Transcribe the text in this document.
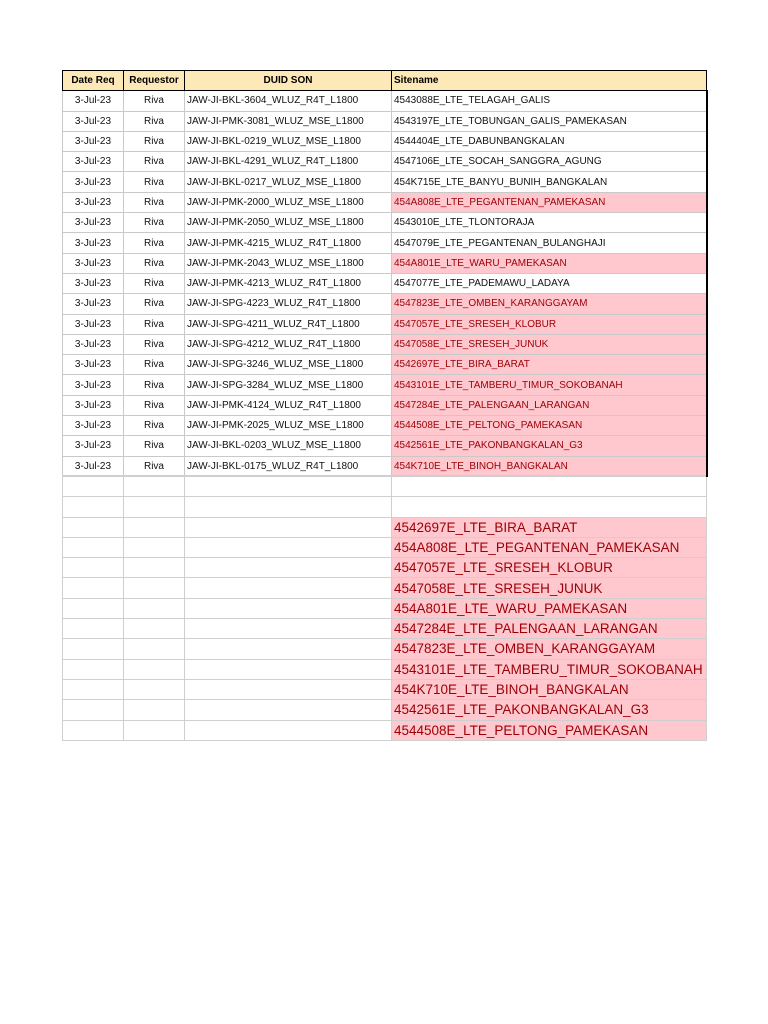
Date Req	Requestor	DUID SON	Sitename
3-Jul-23	Riva	JAW-JI-BKL-3604_WLUZ_R4T_L1800	4543088E_LTE_TELAGAH_GALIS
3-Jul-23	Riva	JAW-JI-PMK-3081_WLUZ_MSE_L1800	4543197E_LTE_TOBUNGAN_GALIS_PAMEKASAN
3-Jul-23	Riva	JAW-JI-BKL-0219_WLUZ_MSE_L1800	4544404E_LTE_DABUNBANGKALAN
3-Jul-23	Riva	JAW-JI-BKL-4291_WLUZ_R4T_L1800	4547106E_LTE_SOCAH_SANGGRA_AGUNG
3-Jul-23	Riva	JAW-JI-BKL-0217_WLUZ_MSE_L1800	454K715E_LTE_BANYU_BUNIH_BANGKALAN
3-Jul-23	Riva	JAW-JI-PMK-2000_WLUZ_MSE_L1800	454A808E_LTE_PEGANTENAN_PAMEKASAN
3-Jul-23	Riva	JAW-JI-PMK-2050_WLUZ_MSE_L1800	4543010E_LTE_TLONTORAJA
3-Jul-23	Riva	JAW-JI-PMK-4215_WLUZ_R4T_L1800	4547079E_LTE_PEGANTENAN_BULANGHAJI
3-Jul-23	Riva	JAW-JI-PMK-2043_WLUZ_MSE_L1800	454A801E_LTE_WARU_PAMEKASAN
3-Jul-23	Riva	JAW-JI-PMK-4213_WLUZ_R4T_L1800	4547077E_LTE_PADEMAWU_LADAYA
3-Jul-23	Riva	JAW-JI-SPG-4223_WLUZ_R4T_L1800	4547823E_LTE_OMBEN_KARANGGAYAM
3-Jul-23	Riva	JAW-JI-SPG-4211_WLUZ_R4T_L1800	4547057E_LTE_SRESEH_KLOBUR
3-Jul-23	Riva	JAW-JI-SPG-4212_WLUZ_R4T_L1800	4547058E_LTE_SRESEH_JUNUK
3-Jul-23	Riva	JAW-JI-SPG-3246_WLUZ_MSE_L1800	4542697E_LTE_BIRA_BARAT
3-Jul-23	Riva	JAW-JI-SPG-3284_WLUZ_MSE_L1800	4543101E_LTE_TAMBERU_TIMUR_SOKOBANAH
3-Jul-23	Riva	JAW-JI-PMK-4124_WLUZ_R4T_L1800	4547284E_LTE_PALENGAAN_LARANGAN
3-Jul-23	Riva	JAW-JI-PMK-2025_WLUZ_MSE_L1800	4544508E_LTE_PELTONG_PAMEKASAN
3-Jul-23	Riva	JAW-JI-BKL-0203_WLUZ_MSE_L1800	4542561E_LTE_PAKONBANGKALAN_G3
3-Jul-23	Riva	JAW-JI-BKL-0175_WLUZ_R4T_L1800	454K710E_LTE_BINOH_BANGKALAN

			4542697E_LTE_BIRA_BARAT
			454A808E_LTE_PEGANTENAN_PAMEKASAN
			4547057E_LTE_SRESEH_KLOBUR
			4547058E_LTE_SRESEH_JUNUK
			454A801E_LTE_WARU_PAMEKASAN
			4547284E_LTE_PALENGAAN_LARANGAN
			4547823E_LTE_OMBEN_KARANGGAYAM
			4543101E_LTE_TAMBERU_TIMUR_SOKOBANAH
			454K710E_LTE_BINOH_BANGKALAN
			4542561E_LTE_PAKONBANGKALAN_G3
			4544508E_LTE_PELTONG_PAMEKASAN
